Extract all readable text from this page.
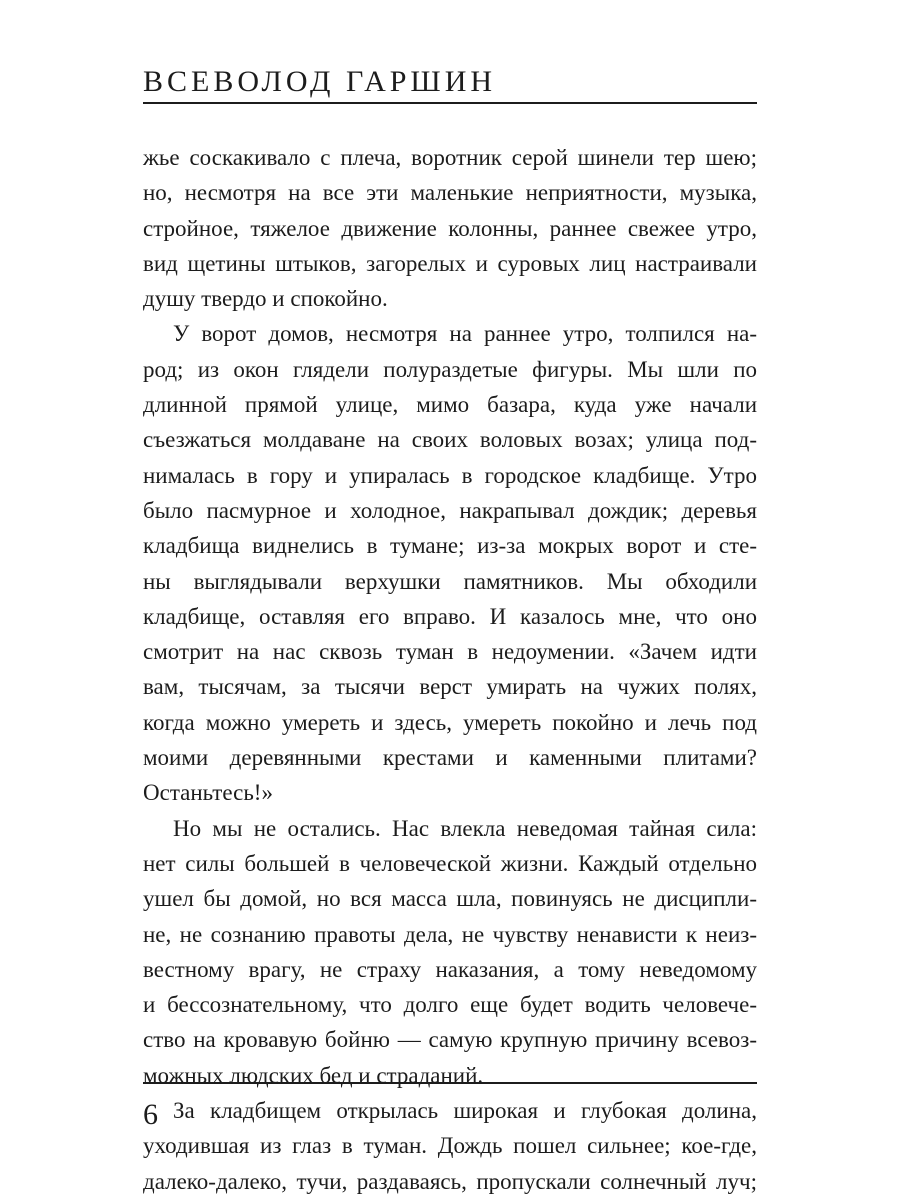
ВСЕВОЛОД ГАРШИН
жье соскакивало с плеча, воротник серой шинели тер шею;
но, несмотря на все эти маленькие неприятности, музыка,
стройное, тяжелое движение колонны, раннее свежее утро,
вид щетины штыков, загорелых и суровых лиц настраивали
душу твердо и спокойно.
У ворот домов, несмотря на раннее утро, толпился на-
род; из окон глядели полураздетые фигуры. Мы шли по
длинной прямой улице, мимо базара, куда уже начали
съезжаться молдаване на своих воловых возах; улица под-
нималась в гору и упиралась в городское кладбище. Утро
было пасмурное и холодное, накрапывал дождик; деревья
кладбища виднелись в тумане; из-за мокрых ворот и сте-
ны выглядывали верхушки памятников. Мы обходили
кладбище, оставляя его вправо. И казалось мне, что оно
смотрит на нас сквозь туман в недоумении. «Зачем идти
вам, тысячам, за тысячи верст умирать на чужих полях,
когда можно умереть и здесь, умереть покойно и лечь под
моими деревянными крестами и каменными плитами?
Останьтесь!»
Но мы не остались. Нас влекла неведомая тайная сила:
нет силы большей в человеческой жизни. Каждый отдельно
ушел бы домой, но вся масса шла, повинуясь не дисципли-
не, не сознанию правоты дела, не чувству ненависти к неиз-
вестному врагу, не страху наказания, а тому неведомому
и бессознательному, что долго еще будет водить человече-
ство на кровавую бойню — самую крупную причину всевоз-
можных людских бед и страданий.
За кладбищем открылась широкая и глубокая долина,
уходившая из глаз в туман. Дождь пошел сильнее; кое-где,
далеко-далеко, тучи, раздаваясь, пропускали солнечный луч;
6
